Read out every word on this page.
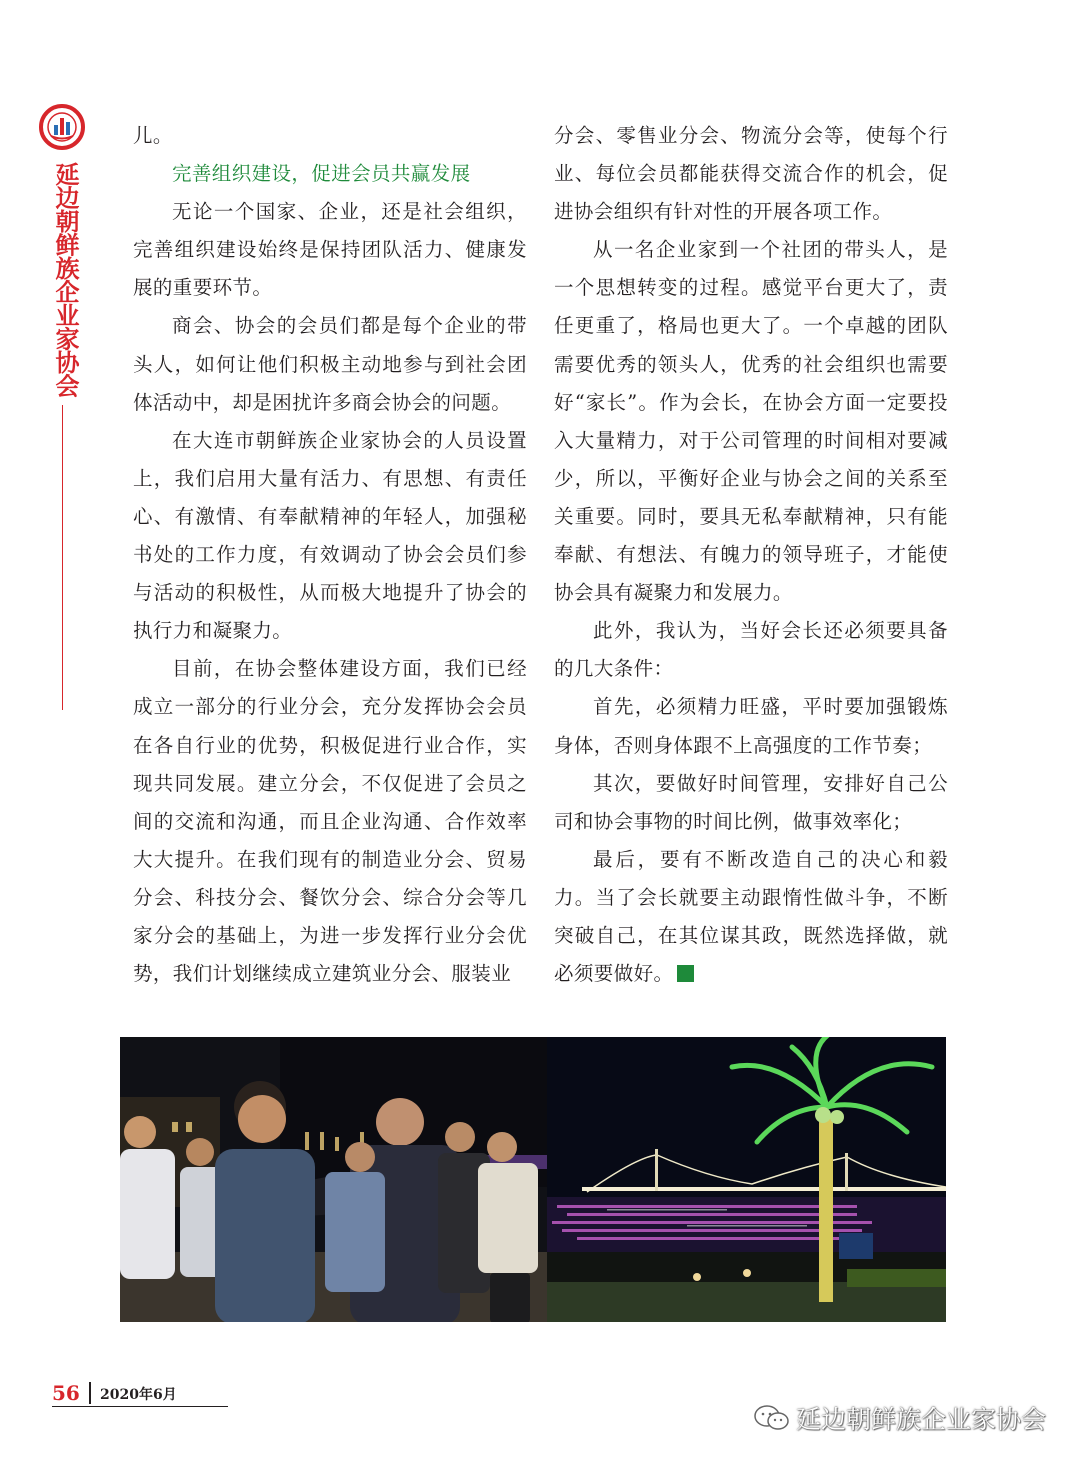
延边朝鲜族企业家协会

儿。

完善组织建设，促进会员共赢发展

无论一个国家、企业，还是社会组织，完善组织建设始终是保持团队活力、健康发展的重要环节。

商会、协会的会员们都是每个企业的带头人，如何让他们积极主动地参与到社会团体活动中，却是困扰许多商会协会的问题。

在大连市朝鲜族企业家协会的人员设置上，我们启用大量有活力、有思想、有责任心、有激情、有奉献精神的年轻人，加强秘书处的工作力度，有效调动了协会会员们参与活动的积极性，从而极大地提升了协会的执行力和凝聚力。

目前，在协会整体建设方面，我们已经成立一部分的行业分会，充分发挥协会会员在各自行业的优势，积极促进行业合作，实现共同发展。建立分会，不仅促进了会员之间的交流和沟通，而且企业沟通、合作效率大大提升。在我们现有的制造业分会、贸易分会、科技分会、餐饮分会、综合分会等几家分会的基础上，为进一步发挥行业分会优势，我们计划继续成立建筑业分会、服装业

分会、零售业分会、物流分会等，使每个行业、每位会员都能获得交流合作的机会，促进协会组织有针对性的开展各项工作。

从一名企业家到一个社团的带头人，是一个思想转变的过程。感觉平台更大了，责任更重了，格局也更大了。一个卓越的团队需要优秀的领头人，优秀的社会组织也需要好“家长”。作为会长，在协会方面一定要投入大量精力，对于公司管理的时间相对要减少，所以，平衡好企业与协会之间的关系至关重要。同时，要具无私奉献精神，只有能奉献、有想法、有魄力的领导班子，才能使协会具有凝聚力和发展力。

此外，我认为，当好会长还必须要具备的几大条件：

首先，必须精力旺盛，平时要加强锻炼身体，否则身体跟不上高强度的工作节奏；

其次，要做好时间管理，安排好自己公司和协会事物的时间比例，做事效率化；

最后，要有不断改造自己的决心和毅力。当了会长就要主动跟惰性做斗争，不断突破自己，在其位谋其政，既然选择做，就必须要做好。

56 2020年6月
延边朝鲜族企业家协会
